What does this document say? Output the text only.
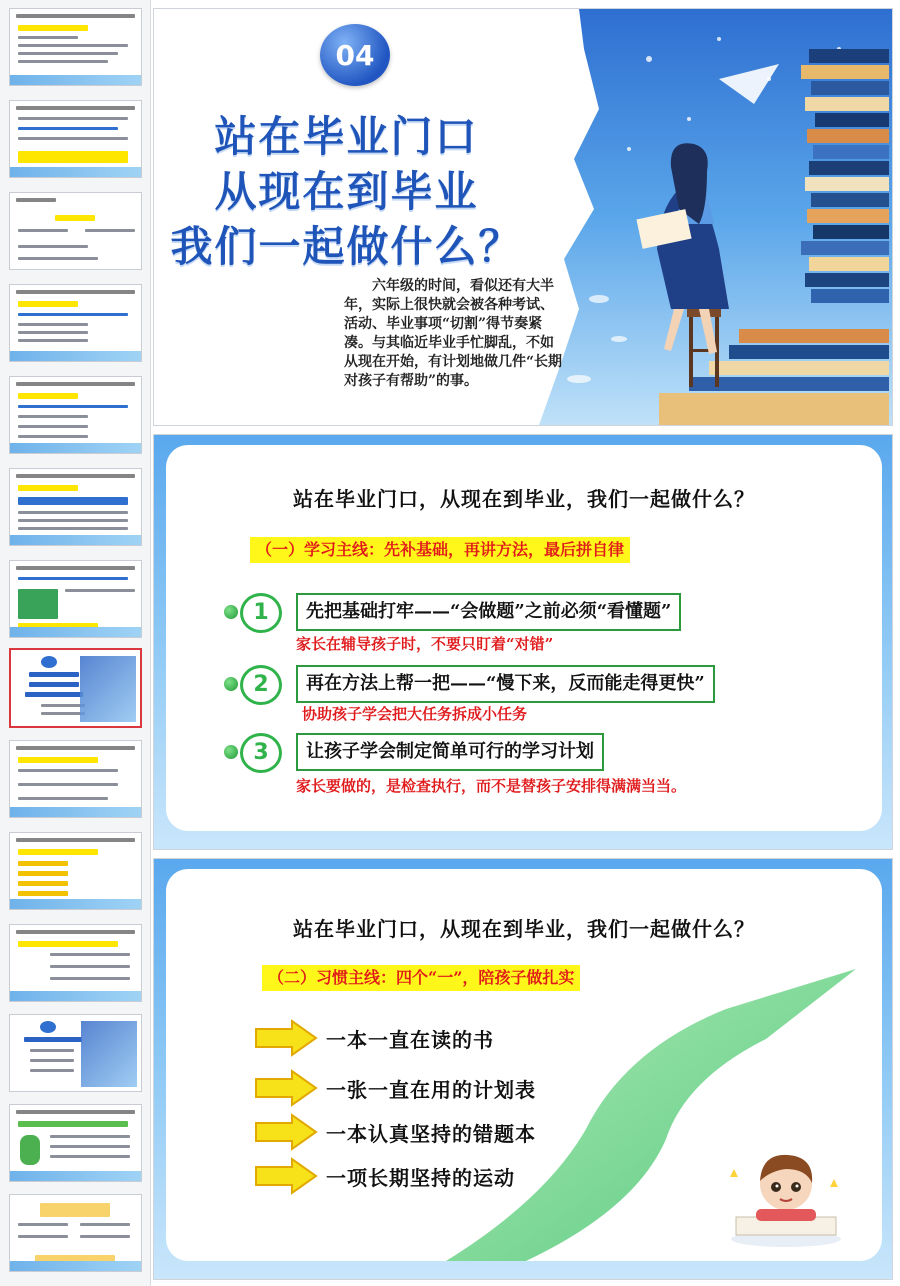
04
站在毕业门口
从现在到毕业
我们一起做什么？
六年级的时间，看似还有大半年，实际上很快就会被各种考试、活动、毕业事项“切割”得节奏紧凑。与其临近毕业手忙脚乱，不如从现在开始，有计划地做几件“长期对孩子有帮助”的事。
站在毕业门口，从现在到毕业，我们一起做什么？
（一）学习主线：先补基础，再讲方法，最后拼自律
1	先把基础打牢——“会做题”之前必须“看懂题”
家长在辅导孩子时，不要只盯着“对错”
2	再在方法上帮一把——“慢下来，反而能走得更快”
协助孩子学会把大任务拆成小任务
3	让孩子学会制定简单可行的学习计划
家长要做的，是检查执行，而不是替孩子安排得满满当当。
站在毕业门口，从现在到毕业，我们一起做什么？
（二）习惯主线：四个“一”，陪孩子做扎实
一本一直在读的书
一张一直在用的计划表
一本认真坚持的错题本
一项长期坚持的运动
